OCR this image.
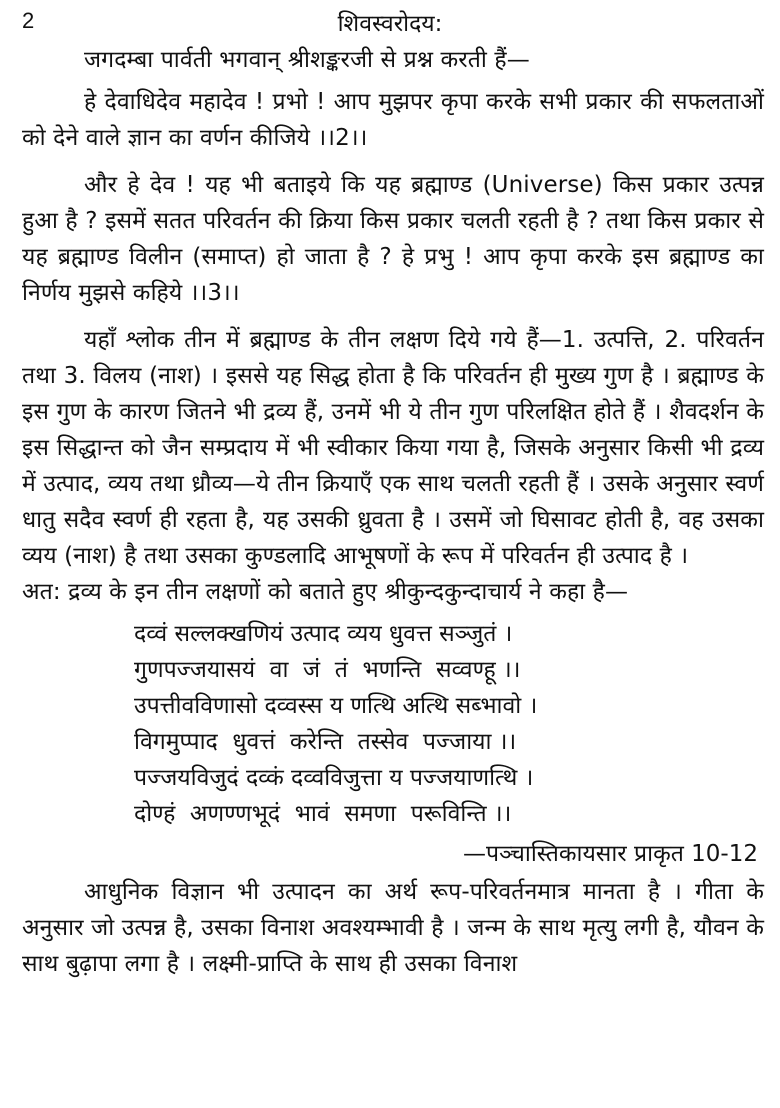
2	शिवस्वरोदय:

जगदम्बा पार्वती भगवान् श्रीशङ्करजी से प्रश्न करती हैं—

हे देवाधिदेव महादेव ! प्रभो ! आप मुझपर कृपा करके सभी प्रकार की सफलताओं को देने वाले ज्ञान का वर्णन कीजिये ।।2।।

और हे देव ! यह भी बताइये कि यह ब्रह्माण्ड (Universe) किस प्रकार उत्पन्न हुआ है ? इसमें सतत परिवर्तन की क्रिया किस प्रकार चलती रहती है ? तथा किस प्रकार से यह ब्रह्माण्ड विलीन (समाप्त) हो जाता है ? हे प्रभु ! आप कृपा करके इस ब्रह्माण्ड का निर्णय मुझसे कहिये ।।3।।

यहाँ श्लोक तीन में ब्रह्माण्ड के तीन लक्षण दिये गये हैं—1. उत्पत्ति, 2. परिवर्तन तथा 3. विलय (नाश) । इससे यह सिद्ध होता है कि परिवर्तन ही मुख्य गुण है । ब्रह्माण्ड के इस गुण के कारण जितने भी द्रव्य हैं, उनमें भी ये तीन गुण परिलक्षित होते हैं । शैवदर्शन के इस सिद्धान्त को जैन सम्प्रदाय में भी स्वीकार किया गया है, जिसके अनुसार किसी भी द्रव्य में उत्पाद, व्यय तथा ध्रौव्य—ये तीन क्रियाएँ एक साथ चलती रहती हैं । उसके अनुसार स्वर्ण धातु सदैव स्वर्ण ही रहता है, यह उसकी ध्रुवता है । उसमें जो घिसावट होती है, वह उसका व्यय (नाश) है तथा उसका कुण्डलादि आभूषणों के रूप में परिवर्तन ही उत्पाद है ।

अत: द्रव्य के इन तीन लक्षणों को बताते हुए श्रीकुन्दकुन्दाचार्य ने कहा है—

दव्वं सल्लक्खणियं उत्पाद व्यय धुवत्त सञ्जुतं ।
गुणपज्जयासयं  वा  जं  तं  भणन्ति  सव्वण्हू ।।
उपत्तीवविणासो दव्वस्स य णत्थि अत्थि सब्भावो ।
विगमुप्पाद  धुवत्तं  करेन्ति  तस्सेव  पज्जाया ।।
पज्जयविजुदं दव्कं दव्वविजुत्ता य पज्जयाणत्थि ।
दोण्हं  अणण्णभूदं  भावं  समणा  परूविन्ति ।।
—पञ्चास्तिकायसार प्राकृत 10-12

आधुनिक विज्ञान भी उत्पादन का अर्थ रूप-परिवर्तनमात्र मानता है । गीता के अनुसार जो उत्पन्न है, उसका विनाश अवश्यम्भावी है । जन्म के साथ मृत्यु लगी है, यौवन के साथ बुढ़ापा लगा है । लक्ष्मी-प्राप्ति के साथ ही उसका विनाश
